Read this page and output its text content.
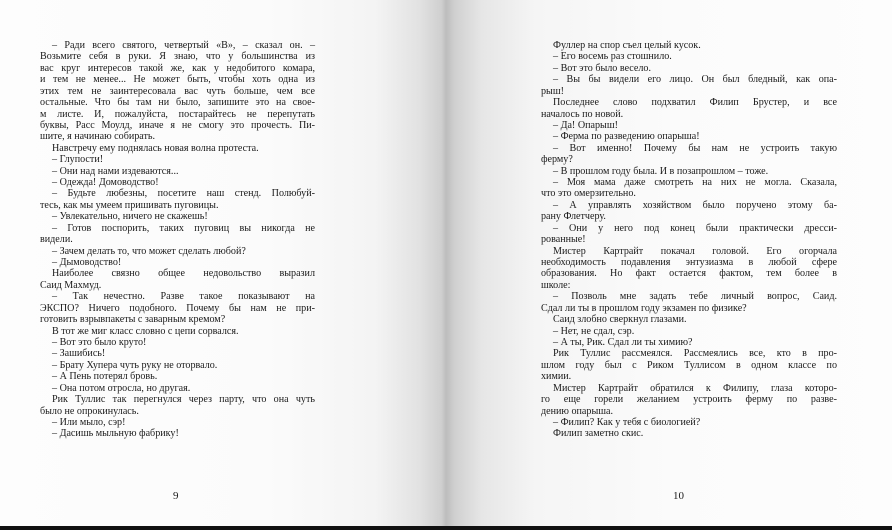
– Ради всего святого, четвертый «В», – сказал он. –
Возьмите себя в руки. Я знаю, что у большинства из
вас круг интересов такой же, как у недобитого комара,
и тем не менее... Не может быть, чтобы хоть одна из
этих тем не заинтересовала вас чуть больше, чем все
остальные. Что бы там ни было, запишите это на свое-
м листе. И, пожалуйста, постарайтесь не перепутать
буквы, Расс Моулд, иначе я не смогу это прочесть. Пи-
шите, я начинаю собирать.
Навстречу ему поднялась новая волна протеста.
– Глупости!
– Они над нами издеваются...
– Одежда! Домоводство!
– Будьте любезны, посетите наш стенд. Полюбуй-
тесь, как мы умеем пришивать пуговицы.
– Увлекательно, ничего не скажешь!
– Готов поспорить, таких пуговиц вы никогда не
видели.
– Зачем делать то, что может сделать любой?
– Дымоводство!
Наиболее связно общее недовольство выразил
Саид Махмуд.
– Так нечестно. Разве такое показывают на
ЭКСПО? Ничего подобного. Почему бы нам не при-
готовить взрывпакеты с заварным кремом?
В тот же миг класс словно с цепи сорвался.
– Вот это было круто!
– Зашибись!
– Брату Хупера чуть руку не оторвало.
– А Пень потерял бровь.
– Она потом отросла, но другая.
Рик Туллис так перегнулся через парту, что она чуть
было не опрокинулась.
– Или мыло, сэр!
– Дасишь мыльную фабрику!
9
Фуллер на спор съел целый кусок.
– Его восемь раз стошнило.
– Вот это было весело.
– Вы бы видели его лицо. Он был бледный, как опа-
рыш!
Последнее слово подхватил Филип Брустер, и все
началось по новой.
– Да! Опарыш!
– Ферма по разведению опарыша!
– Вот именно! Почему бы нам не устроить такую
ферму?
– В прошлом году была. И в позапрошлом – тоже.
– Моя мама даже смотреть на них не могла. Сказала,
что это омерзительно.
– А управлять хозяйством было поручено этому ба-
рану Флетчеру.
– Они у него под конец были практически дресси-
рованные!
Мистер Картрайт покачал головой. Его огорчала
необходимость подавления энтузиазма в любой сфере
образования. Но факт остается фактом, тем более в
школе:
– Позволь мне задать тебе личный вопрос, Саид.
Сдал ли ты в прошлом году экзамен по физике?
Саид злобно сверкнул глазами.
– Нет, не сдал, сэр.
– А ты, Рик. Сдал ли ты химию?
Рик Туллис рассмеялся. Рассмеялись все, кто в про-
шлом году был с Риком Туллисом в одном классе по
химии.
Мистер Картрайт обратился к Филипу, глаза которо-
го еще горели желанием устроить ферму по разве-
дению опарыша.
– Филип? Как у тебя с биологией?
Филип заметно скис.
10
